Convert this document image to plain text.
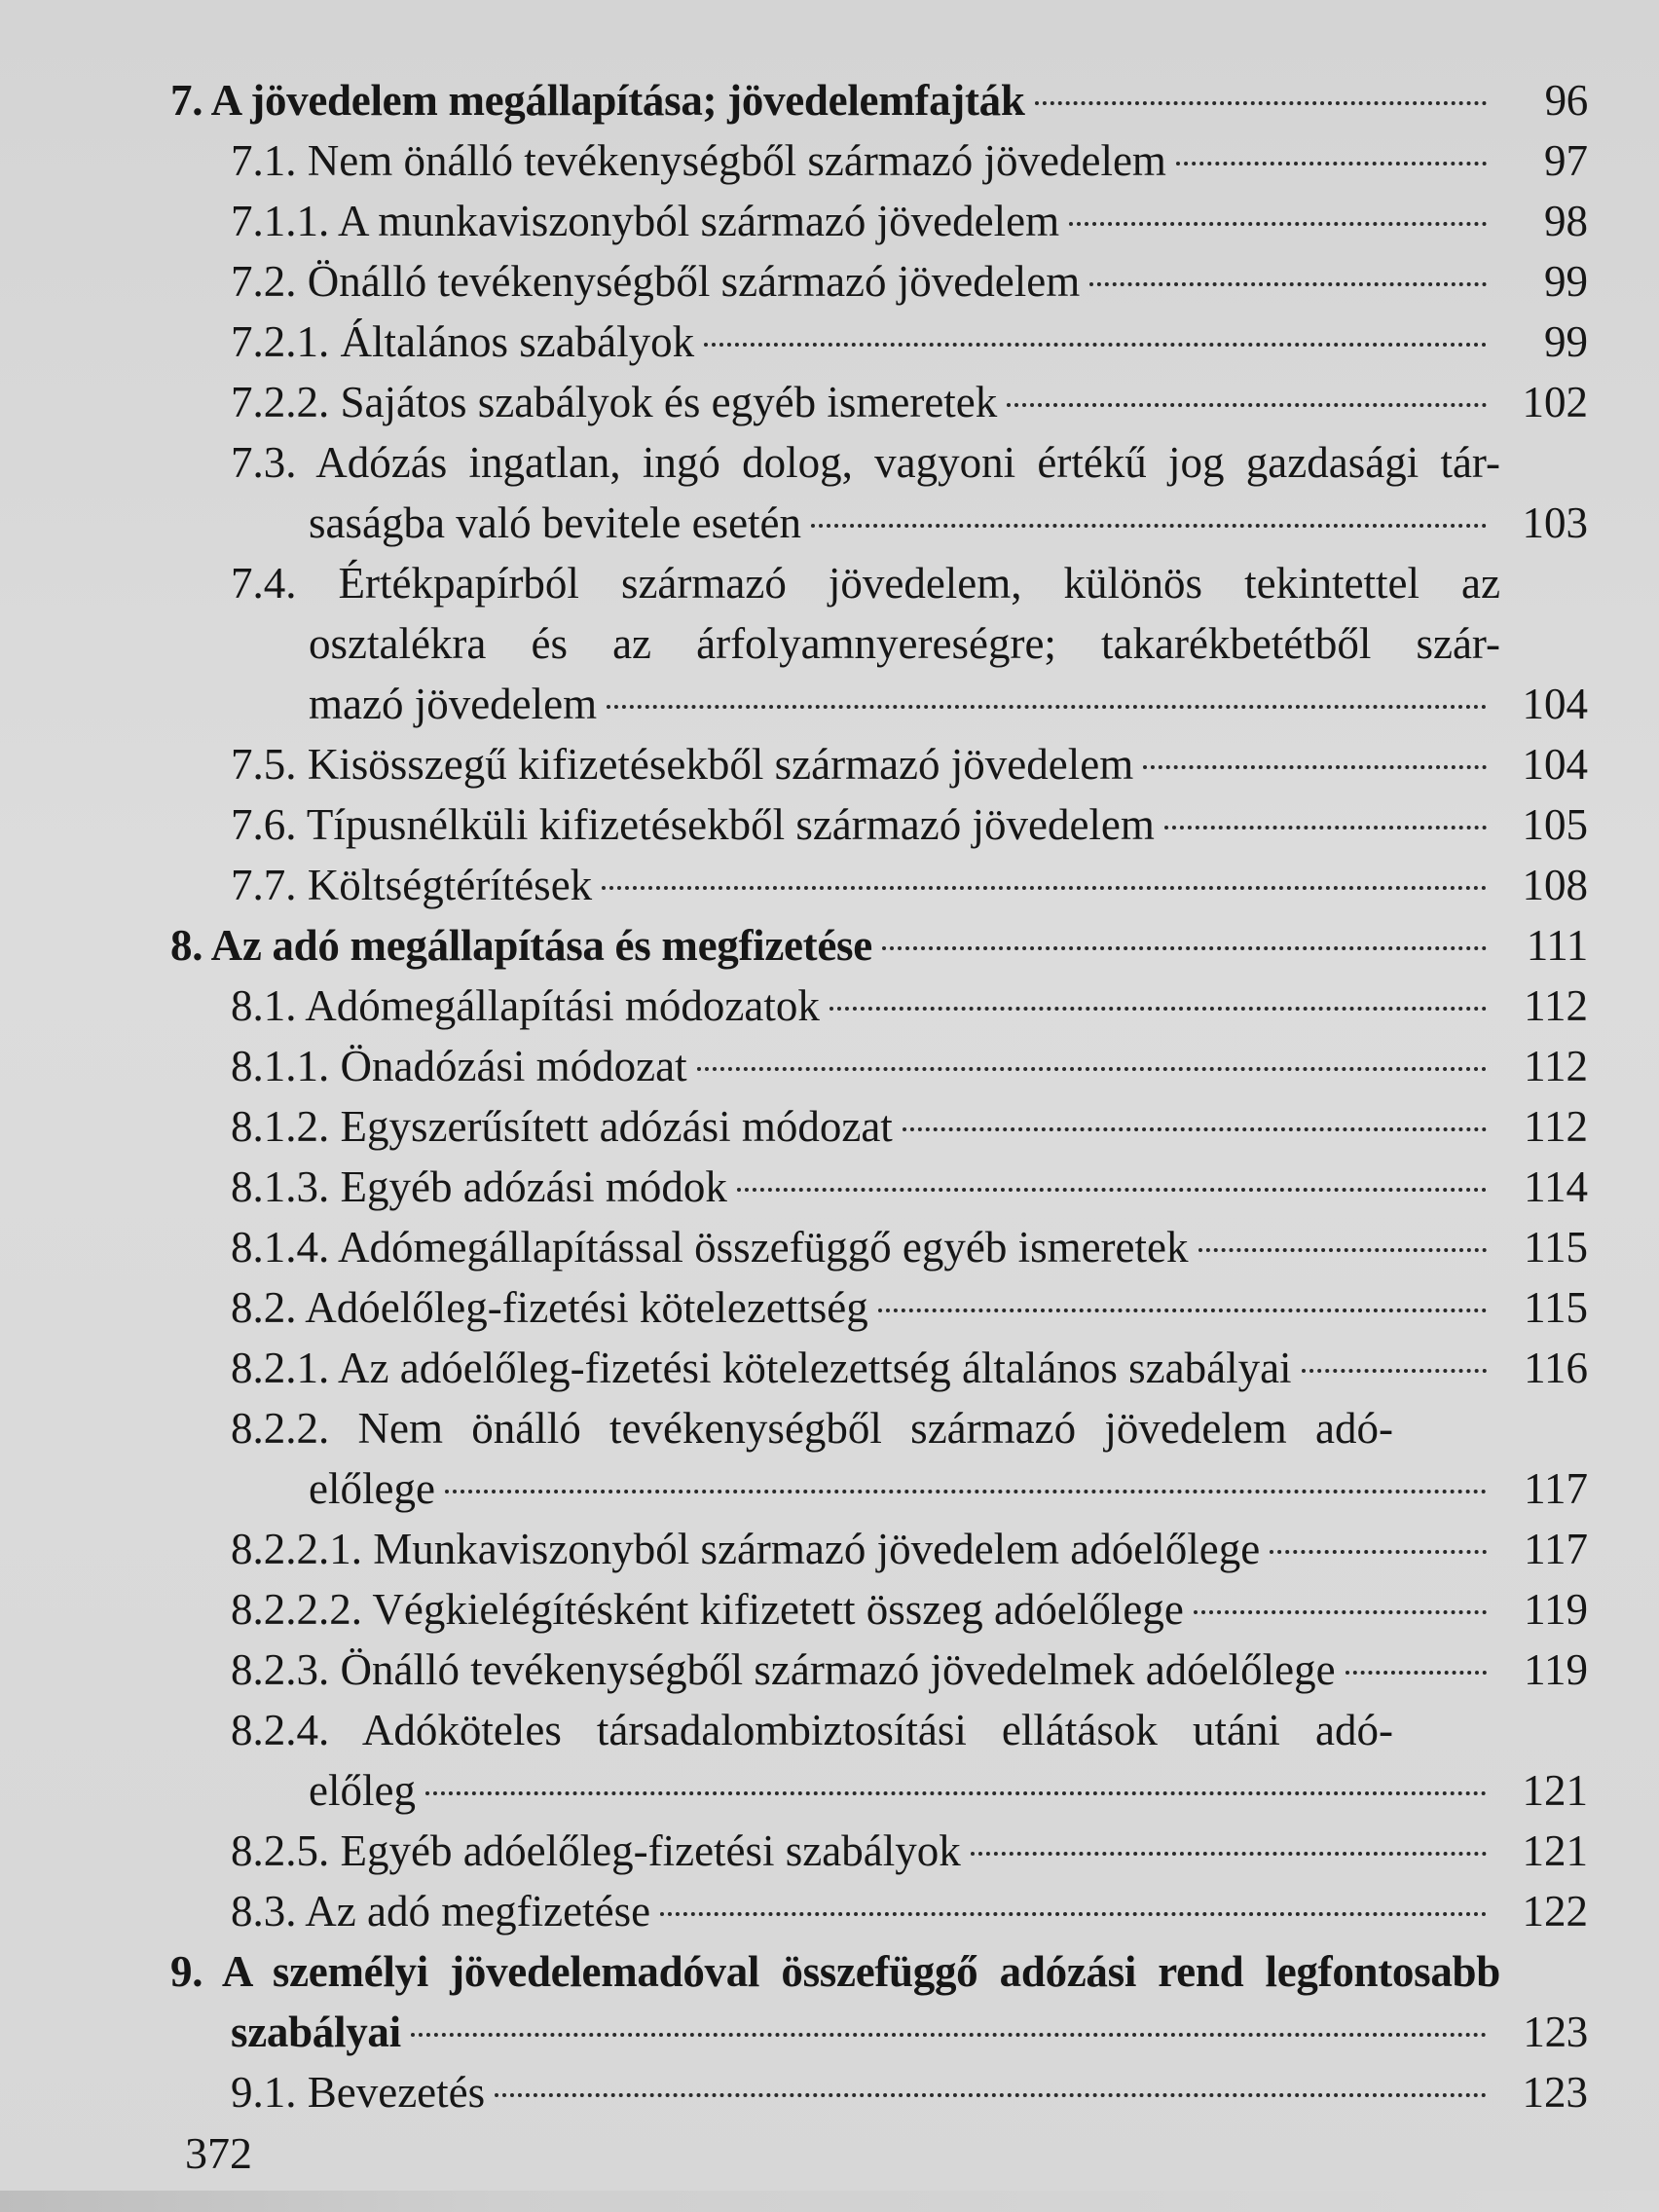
7. A jövedelem megállapítása; jövedelemfajták	96
7.1. Nem önálló tevékenységből származó jövedelem	97
7.1.1. A munkaviszonyból származó jövedelem	98
7.2. Önálló tevékenységből származó jövedelem	99
7.2.1. Általános szabályok	99
7.2.2. Sajátos szabályok és egyéb ismeretek	102
7.3. Adózás ingatlan, ingó dolog, vagyoni értékű jog gazdasági tár-
saságba való bevitele esetén	103
7.4. Értékpapírból származó jövedelem, különös tekintettel az
osztalékra és az árfolyamnyereségre; takarékbetétből szár-
mazó jövedelem	104
7.5. Kisösszegű kifizetésekből származó jövedelem	104
7.6. Típusnélküli kifizetésekből származó jövedelem	105
7.7. Költségtérítések	108
8. Az adó megállapítása és megfizetése	111
8.1. Adómegállapítási módozatok	112
8.1.1. Önadózási módozat	112
8.1.2. Egyszerűsített adózási módozat	112
8.1.3. Egyéb adózási módok	114
8.1.4. Adómegállapítással összefüggő egyéb ismeretek	115
8.2. Adóelőleg-fizetési kötelezettség	115
8.2.1. Az adóelőleg-fizetési kötelezettség általános szabályai	116
8.2.2. Nem önálló tevékenységből származó jövedelem adó-
előlege	117
8.2.2.1. Munkaviszonyból származó jövedelem adóelőlege	117
8.2.2.2. Végkielégítésként kifizetett összeg adóelőlege	119
8.2.3. Önálló tevékenységből származó jövedelmek adóelőlege	119
8.2.4. Adóköteles társadalombiztosítási ellátások utáni adó-
előleg	121
8.2.5. Egyéb adóelőleg-fizetési szabályok	121
8.3. Az adó megfizetése	122
9. A személyi jövedelemadóval összefüggő adózási rend legfontosabb
szabályai	123
9.1. Bevezetés	123
372
